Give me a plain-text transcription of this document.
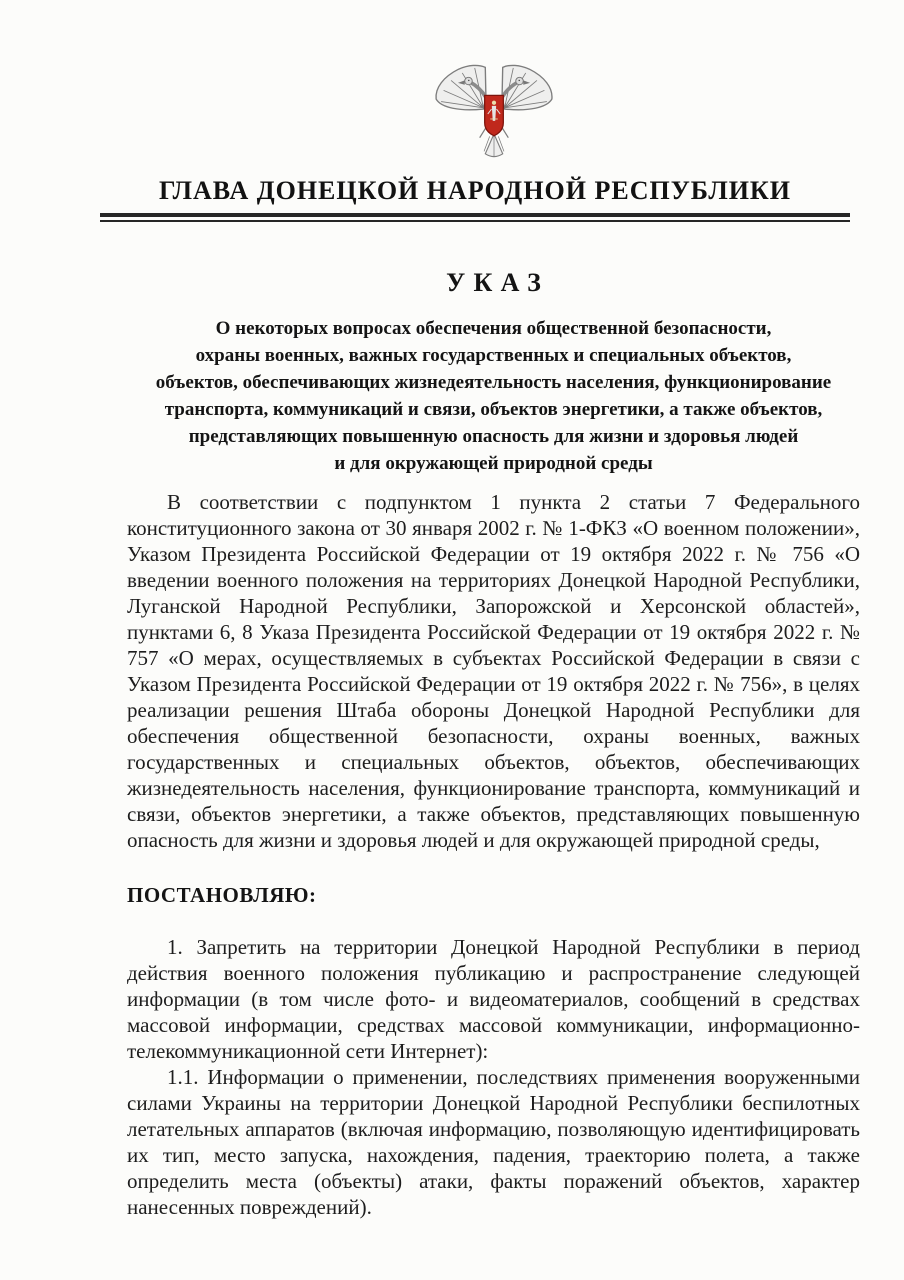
ГЛАВА ДОНЕЦКОЙ НАРОДНОЙ РЕСПУБЛИКИ
УКАЗ
О некоторых вопросах обеспечения общественной безопасности,
охраны военных, важных государственных и специальных объектов,
объектов, обеспечивающих жизнедеятельность населения, функционирование
транспорта, коммуникаций и связи, объектов энергетики, а также объектов,
представляющих повышенную опасность для жизни и здоровья людей
и для окружающей природной среды

В соответствии с подпунктом 1 пункта 2 статьи 7 Федерального конституционного закона от 30 января 2002 г. № 1-ФКЗ «О военном положении», Указом Президента Российской Федерации от 19 октября 2022 г. № 756 «О введении военного положения на территориях Донецкой Народной Республики, Луганской Народной Республики, Запорожской и Херсонской областей», пунктами 6, 8 Указа Президента Российской Федерации от 19 октября 2022 г. № 757 «О мерах, осуществляемых в субъектах Российской Федерации в связи с Указом Президента Российской Федерации от 19 октября 2022 г. № 756», в целях реализации решения Штаба обороны Донецкой Народной Республики для обеспечения общественной безопасности, охраны военных, важных государственных и специальных объектов, объектов, обеспечивающих жизнедеятельность населения, функционирование транспорта, коммуникаций и связи, объектов энергетики, а также объектов, представляющих повышенную опасность для жизни и здоровья людей и для окружающей природной среды,

ПОСТАНОВЛЯЮ:

1. Запретить на территории Донецкой Народной Республики в период действия военного положения публикацию и распространение следующей информации (в том числе фото- и видеоматериалов, сообщений в средствах массовой информации, средствах массовой коммуникации, информационно-телекоммуникационной сети Интернет):

1.1. Информации о применении, последствиях применения вооруженными силами Украины на территории Донецкой Народной Республики беспилотных летательных аппаратов (включая информацию, позволяющую идентифицировать их тип, место запуска, нахождения, падения, траекторию полета, а также определить места (объекты) атаки, факты поражений объектов, характер нанесенных повреждений).
